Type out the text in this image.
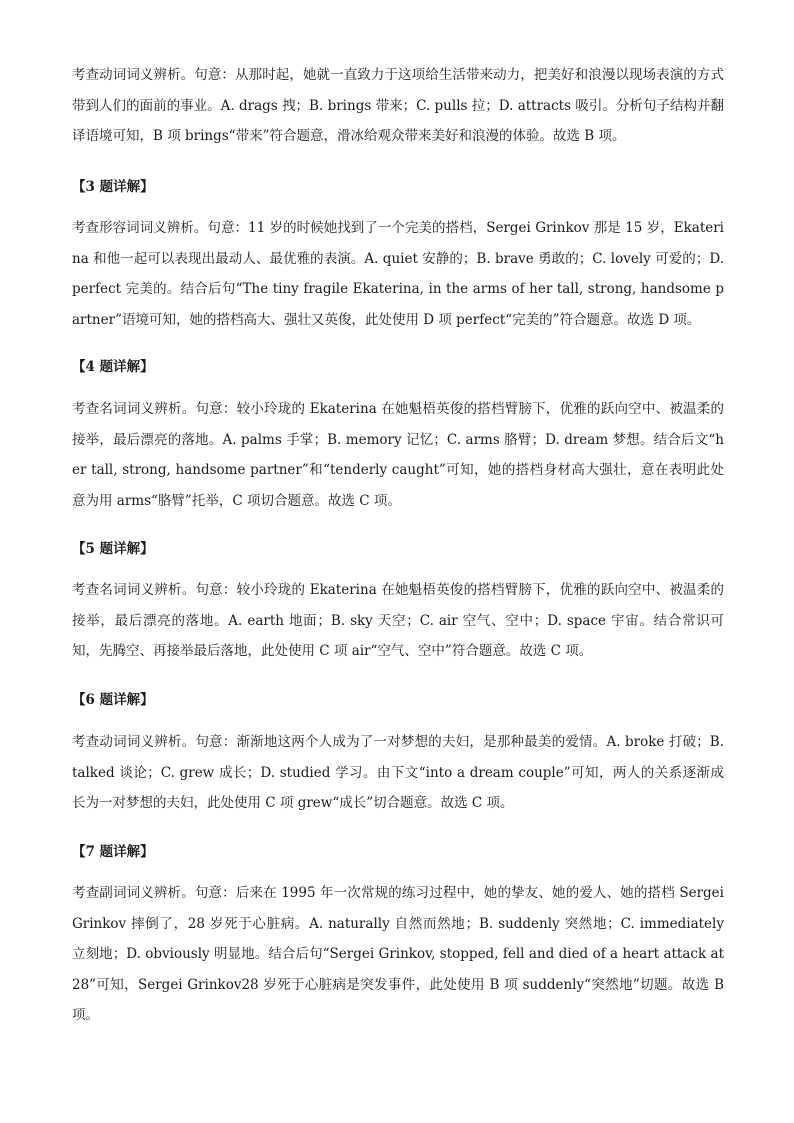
考查动词词义辨析。句意：从那时起，她就一直致力于这项给生活带来动力，把美好和浪漫以现场表演的方式带到人们的面前的事业。A. drags 拽；B. brings 带来；C. pulls 拉；D. attracts 吸引。分析句子结构并翻译语境可知，B 项 brings“带来”符合题意，滑冰给观众带来美好和浪漫的体验。故选 B 项。

【3 题详解】

考查形容词词义辨析。句意：11 岁的时候她找到了一个完美的搭档，Sergei Grinkov 那是 15 岁，Ekaterina 和他一起可以表现出最动人、最优雅的表演。A. quiet 安静的；B. brave 勇敢的；C. lovely 可爱的；D. perfect 完美的。结合后句“The tiny fragile Ekaterina, in the arms of her tall, strong, handsome partner”语境可知，她的搭档高大、强壮又英俊，此处使用 D 项 perfect“完美的”符合题意。故选 D 项。

【4 题详解】

考查名词词义辨析。句意：较小玲珑的 Ekaterina 在她魁梧英俊的搭档臂膀下，优雅的跃向空中、被温柔的接举，最后漂亮的落地。A. palms 手掌；B. memory 记忆；C. arms 胳臂；D. dream 梦想。结合后文“her tall, strong, handsome partner”和“tenderly caught”可知，她的搭档身材高大强壮，意在表明此处意为用 arms“胳臂”托举，C 项切合题意。故选 C 项。

【5 题详解】

考查名词词义辨析。句意：较小玲珑的 Ekaterina 在她魁梧英俊的搭档臂膀下，优雅的跃向空中、被温柔的接举，最后漂亮的落地。A. earth 地面；B. sky 天空；C. air 空气、空中；D. space 宇宙。结合常识可知，先腾空、再接举最后落地，此处使用 C 项 air“空气、空中”符合题意。故选 C 项。

【6 题详解】

考查动词词义辨析。句意：渐渐地这两个人成为了一对梦想的夫妇，是那种最美的爱情。A. broke 打破；B. talked 谈论；C. grew 成长；D. studied 学习。由下文“into a dream couple”可知，两人的关系逐渐成长为一对梦想的夫妇，此处使用 C 项 grew“成长”切合题意。故选 C 项。

【7 题详解】

考查副词词义辨析。句意：后来在 1995 年一次常规的练习过程中，她的挚友、她的爱人、她的搭档 Sergei Grinkov 摔倒了，28 岁死于心脏病。A. naturally 自然而然地；B. suddenly 突然地；C. immediately 立刻地；D. obviously 明显地。结合后句“Sergei Grinkov, stopped, fell and died of a heart attack at 28”可知，Sergei Grinkov28 岁死于心脏病是突发事件，此处使用 B 项 suddenly“突然地”切题。故选 B 项。
